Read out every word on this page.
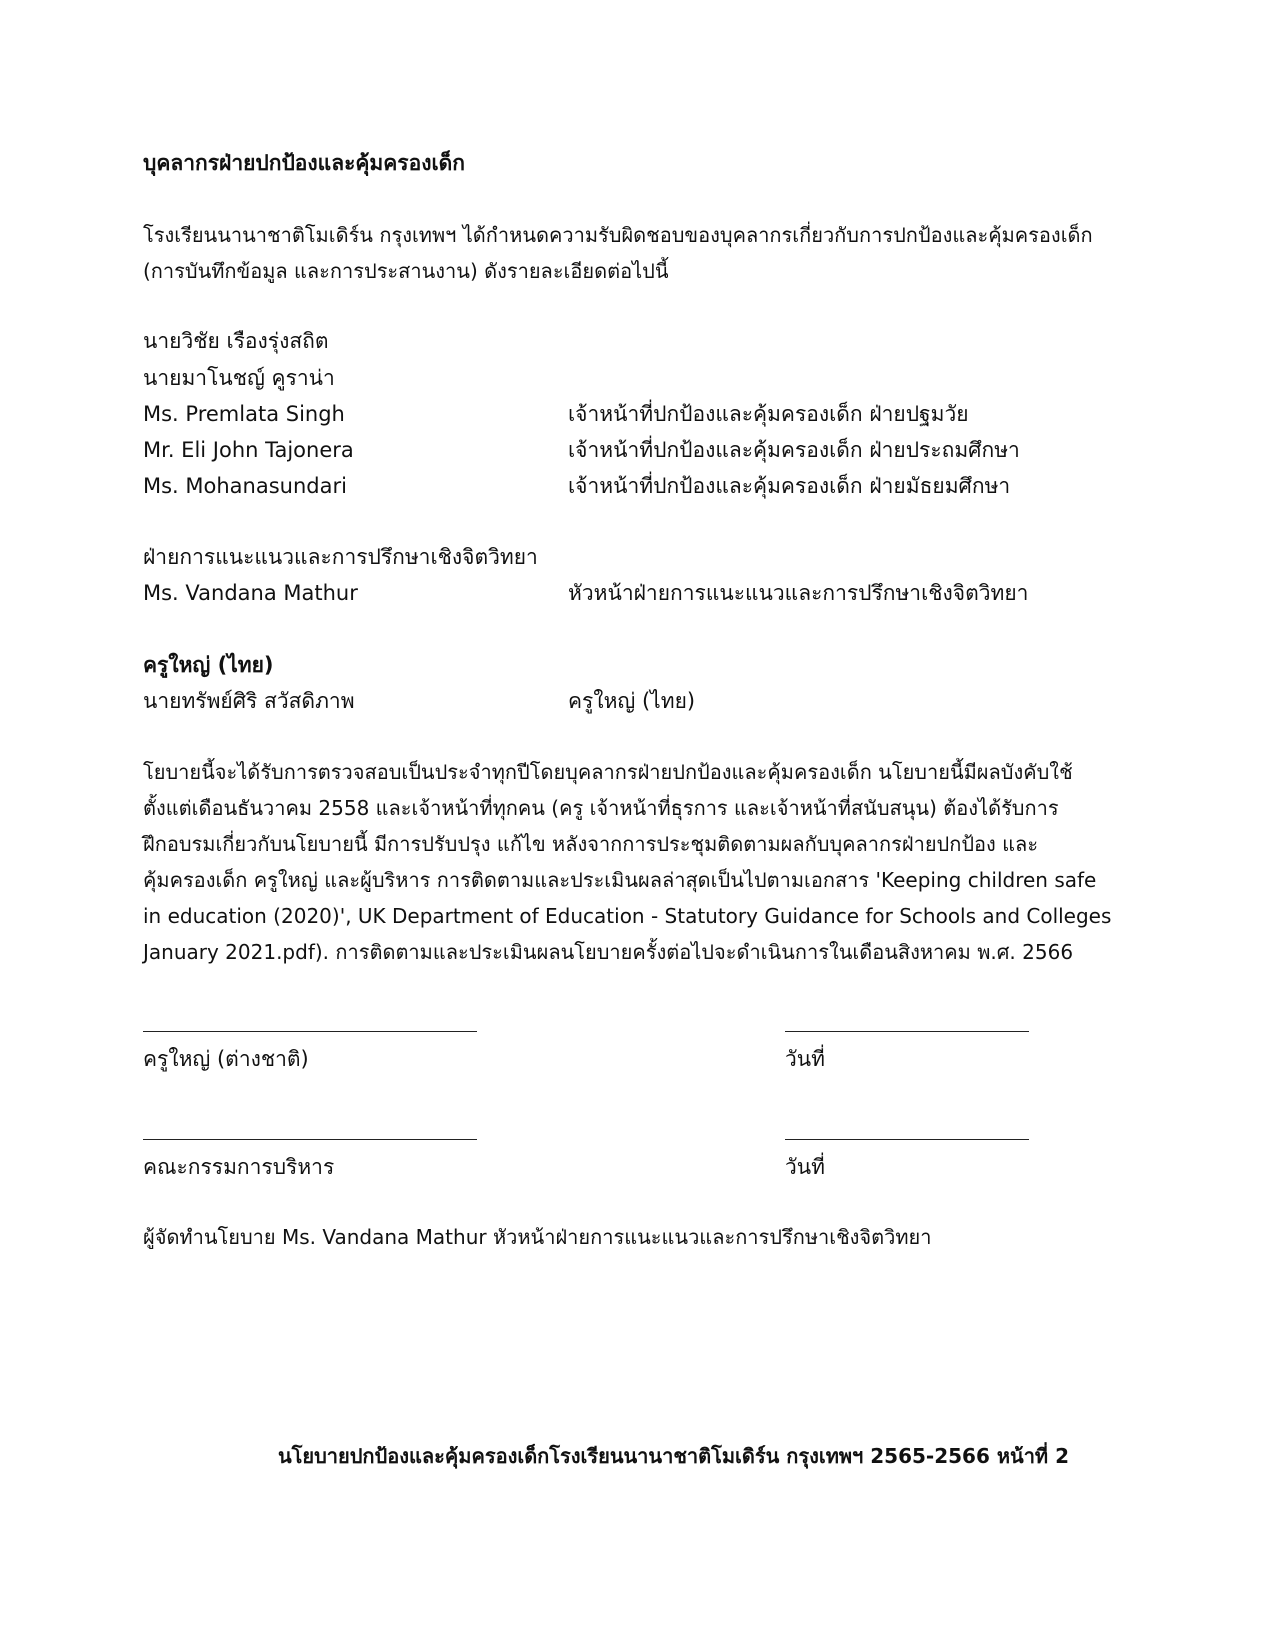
บุคลากรฝ่ายปกป้องและคุ้มครองเด็ก
โรงเรียนนานาชาติโมเดิร์น กรุงเทพฯ ได้กำหนดความรับผิดชอบของบุคลากรเกี่ยวกับการปกป้องและคุ้มครองเด็ก
(การบันทึกข้อมูล และการประสานงาน) ดังรายละเอียดต่อไปนี้
นายวิชัย เรืองรุ่งสถิต
นายมาโนชญ์ คูราน่า
Ms. Premlata Singh	เจ้าหน้าที่ปกป้องและคุ้มครองเด็ก ฝ่ายปฐมวัย
Mr. Eli John Tajonera	เจ้าหน้าที่ปกป้องและคุ้มครองเด็ก ฝ่ายประถมศึกษา
Ms. Mohanasundari	เจ้าหน้าที่ปกป้องและคุ้มครองเด็ก ฝ่ายมัธยมศึกษา
ฝ่ายการแนะแนวและการปรึกษาเชิงจิตวิทยา
Ms. Vandana Mathur	หัวหน้าฝ่ายการแนะแนวและการปรึกษาเชิงจิตวิทยา
ครูใหญ่ (ไทย)
นายทรัพย์ศิริ สวัสดิภาพ	ครูใหญ่ (ไทย)
โยบายนี้จะได้รับการตรวจสอบเป็นประจำทุกปีโดยบุคลากรฝ่ายปกป้องและคุ้มครองเด็ก นโยบายนี้มีผลบังคับใช้
ตั้งแต่เดือนธันวาคม 2558 และเจ้าหน้าที่ทุกคน (ครู เจ้าหน้าที่ธุรการ และเจ้าหน้าที่สนับสนุน) ต้องได้รับการ
ฝึกอบรมเกี่ยวกับนโยบายนี้ มีการปรับปรุง แก้ไข หลังจากการประชุมติดตามผลกับบุคลากรฝ่ายปกป้อง และ
คุ้มครองเด็ก ครูใหญ่ และผู้บริหาร การติดตามและประเมินผลล่าสุดเป็นไปตามเอกสาร 'Keeping children safe
in education (2020)', UK Department of Education - Statutory Guidance for Schools and Colleges
January 2021.pdf). การติดตามและประเมินผลนโยบายครั้งต่อไปจะดำเนินการในเดือนสิงหาคม พ.ศ. 2566
ครูใหญ่ (ต่างชาติ)	วันที่
คณะกรรมการบริหาร	วันที่
ผู้จัดทำนโยบาย Ms. Vandana Mathur หัวหน้าฝ่ายการแนะแนวและการปรึกษาเชิงจิตวิทยา
นโยบายปกป้องและคุ้มครองเด็กโรงเรียนนานาชาติโมเดิร์น กรุงเทพฯ 2565-2566 หน้าที่ 2
